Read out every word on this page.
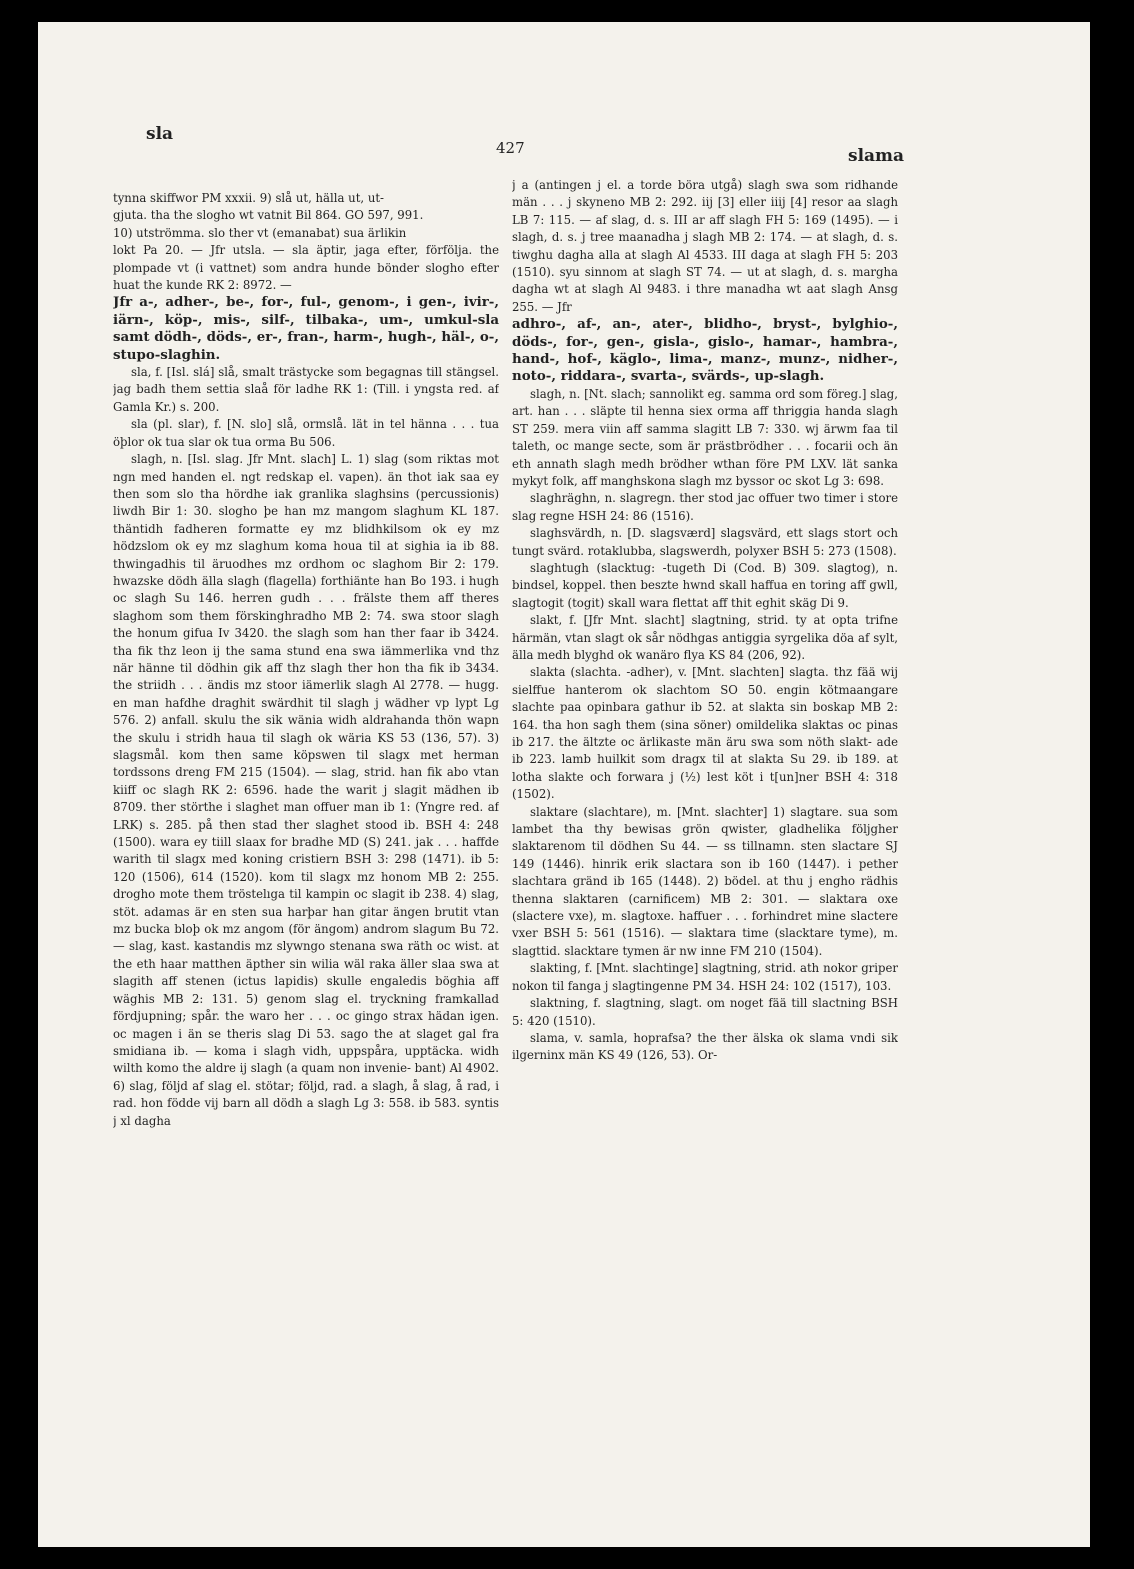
sla
427	slama

tynna skiffwor PM xxxii. 9) slå ut, hälla ut, ut-

gjuta. tha the slogho wt vatnit Bil 864. GO 597, 991.

10) utströmma. slo ther vt (emanabat) sua ärlikin

lokt Pa 20. — Jfr utsla. — sla äptir, jaga efter, förfölja. the plompade vt (i vattnet) som andra hunde bönder slogho efter huat the kunde RK 2: 8972. —

Jfr a-, adher-, be-, for-, ful-, genom-, i gen-, ivir-, iärn-, köp-, mis-, silf-, tilbaka-, um-, umkul-sla samt dödh-, döds-, er-, fran-, harm-, hugh-, häl-, o-, stupo-slaghin.

sla, f. [Isl. slá] slå, smalt trästycke som begagnas till stängsel. jag badh them settia slaå för ladhe RK 1: (Till. i yngsta red. af Gamla Kr.) s. 200.

sla (pl. slar), f. [N. slo] slå, ormslå. lät in tel hänna . . . tua öþlor ok tua slar ok tua orma Bu 506.

slagh, n. [Isl. slag. Jfr Mnt. slach] L. 1) slag (som riktas mot ngn med handen el. ngt redskap el. vapen). än thot iak saa ey then som slo tha hördhe iak granlika slaghsins (percussionis) liwdh Bir 1: 30. slogho þe han mz mangom slaghum KL 187. thäntidh fadheren formatte ey mz blidhkilsom ok ey mz hödzslom ok ey mz slaghum koma houa til at sighia ia ib 88. thwingadhis til äruodhes mz ordhom oc slaghom Bir 2: 179. hwazske dödh älla slagh (flagella) forthiänte han Bo 193. i hugh oc slagh Su 146. herren gudh . . . frälste them aff theres slaghom som them förskinghradho MB 2: 74. swa stoor slagh the honum gifua Iv 3420. the slagh som han ther faar ib 3424. tha fik thz leon ij the sama stund ena swa iämmerlika vnd thz när hänne til dödhin gik aff thz slagh ther hon tha fik ib 3434. the striidh . . . ändis mz stoor iämerlik slagh Al 2778. — hugg. en man hafdhe draghit swärdhit til slagh j wädher vp lypt Lg 576. 2) anfall. skulu the sik wänia widh aldrahanda thön wapn the skulu i stridh haua til slagh ok wäria KS 53 (136, 57). 3) slagsmål. kom then same köpswen til slagx met herman tordssons dreng FM 215 (1504). — slag, strid. han fik abo vtan kiiff oc slagh RK 2: 6596. hade the warit j slagit mädhen ib 8709. ther störthe i slaghet man offuer man ib 1: (Yngre red. af LRK) s. 285. på then stad ther slaghet stood ib. BSH 4: 248 (1500). wara ey tiill slaax for bradhe MD (S) 241. jak . . . haffde warith til slagx med koning cristiern BSH 3: 298 (1471). ib 5: 120 (1506), 614 (1520). kom til slagx mz honom MB 2: 255. drogho mote them tröstelıga til kampin oc slagit ib 238. 4) slag, stöt. adamas är en sten sua harþar han gitar ängen brutit vtan mz bucka bloþ ok mz angom (för ängom) androm slagum Bu 72. — slag, kast. kastandis mz slywngo stenana swa räth oc wist. at the eth haar matthen äpther sin wilia wäl raka äller slaa swa at slagith aff stenen (ictus lapidis) skulle engaledis böghia aff wäghis MB 2: 131. 5) genom slag el. tryckning framkallad fördjupning; spår. the waro her . . . oc gingo strax hädan igen. oc magen i än se theris slag Di 53. sago the at slaget gal fra smidiana ib. — koma i slagh vidh, uppspåra, upptäcka. widh wilth komo the aldre ij slagh (a quam non invenie- bant) Al 4902. 6) slag, följd af slag el. stötar; följd, rad. a slagh, å slag, å rad, i rad. hon födde vij barn all dödh a slagh Lg 3: 558. ib 583. syntis j xl dagha

j a (antingen j el. a torde böra utgå) slagh swa som ridhande män . . . j skyneno MB 2: 292. iij [3] eller iiij [4] resor aa slagh LB 7: 115. — af slag, d. s. III ar aff slagh FH 5: 169 (1495). — i slagh, d. s. j tree maanadha j slagh MB 2: 174. — at slagh, d. s. tiwghu dagha alla at slagh Al 4533. III daga at slagh FH 5: 203 (1510). syu sinnom at slagh ST 74. — ut at slagh, d. s. margha dagha wt at slagh Al 9483. i thre manadha wt aat slagh Ansg 255. — Jfr

adhro-, af-, an-, ater-, blidho-, bryst-, bylghio-, döds-, for-, gen-, gisla-, gislo-, hamar-, hambra-, hand-, hof-, käglo-, lima-, manz-, munz-, nidher-, noto-, riddara-, svarta-, svärds-, up-slagh.

slagh, n. [Nt. slach; sannolikt eg. samma ord som föreg.] slag, art. han . . . släpte til henna siex orma aff thriggia handa slagh ST 259. mera viin aff samma slagitt LB 7: 330. wj ärwm faa til taleth, oc mange secte, som är prästbrödher . . . focarii och än eth annath slagh medh brödher wthan före PM LXV. lät sanka mykyt folk, aff manghskona slagh mz byssor oc skot Lg 3: 698.

slaghräghn, n. slagregn. ther stod jac offuer two timer i store slag regne HSH 24: 86 (1516).

slaghsvärdh, n. [D. slagsværd] slagsvärd, ett slags stort och tungt svärd. rotaklubba, slagswerdh, polyxer BSH 5: 273 (1508).

slaghtugh (slacktug: -tugeth Di (Cod. B) 309. slagtog), n. bindsel, koppel. then beszte hwnd skall haffua en toring aff gwll, slagtogit (togit) skall wara flettat aff thit eghit skäg Di 9.

slakt, f. [Jfr Mnt. slacht] slagtning, strid. ty at opta trifne härmän, vtan slagt ok sår nödhgas antiggia syrgelika döa af sylt, älla medh blyghd ok wanäro flya KS 84 (206, 92).

slakta (slachta. -adher), v. [Mnt. slachten] slagta. thz fää wij sielffue hanterom ok slachtom SO 50. engin kötmaangare slachte paa opinbara gathur ib 52. at slakta sin boskap MB 2: 164. tha hon sagh them (sina söner) omildelika slaktas oc pinas ib 217. the ältzte oc ärlikaste män äru swa som nöth slakt- ade ib 223. lamb huilkit som dragx til at slakta Su 29. ib 189. at lotha slakte och forwara j (½) lest köt i t[un]ner BSH 4: 318 (1502).

slaktare (slachtare), m. [Mnt. slachter] 1) slagtare. sua som lambet tha thy bewisas grön qwister, gladhelika följgher slaktarenom til dödhen Su 44. — ss tillnamn. sten slactare SJ 149 (1446). hinrik erik slactara son ib 160 (1447). i pether slachtara gränd ib 165 (1448). 2) bödel. at thu j engho rädhis thenna slaktaren (carnificem) MB 2: 301. — slaktara oxe (slactere vxe), m. slagtoxe. haffuer . . . forhindret mine slactere vxer BSH 5: 561 (1516). — slaktara time (slacktare tyme), m. slagttid. slacktare tymen är nw inne FM 210 (1504).

slakting, f. [Mnt. slachtinge] slagtning, strid. ath nokor griper nokon til fanga j slagtingenne PM 34. HSH 24: 102 (1517), 103.

slaktning, f. slagtning, slagt. om noget fää till slactning BSH 5: 420 (1510).

slama, v. samla, hoprafsa? the ther älska ok slama vndi sik ilgerninx män KS 49 (126, 53). Or-
